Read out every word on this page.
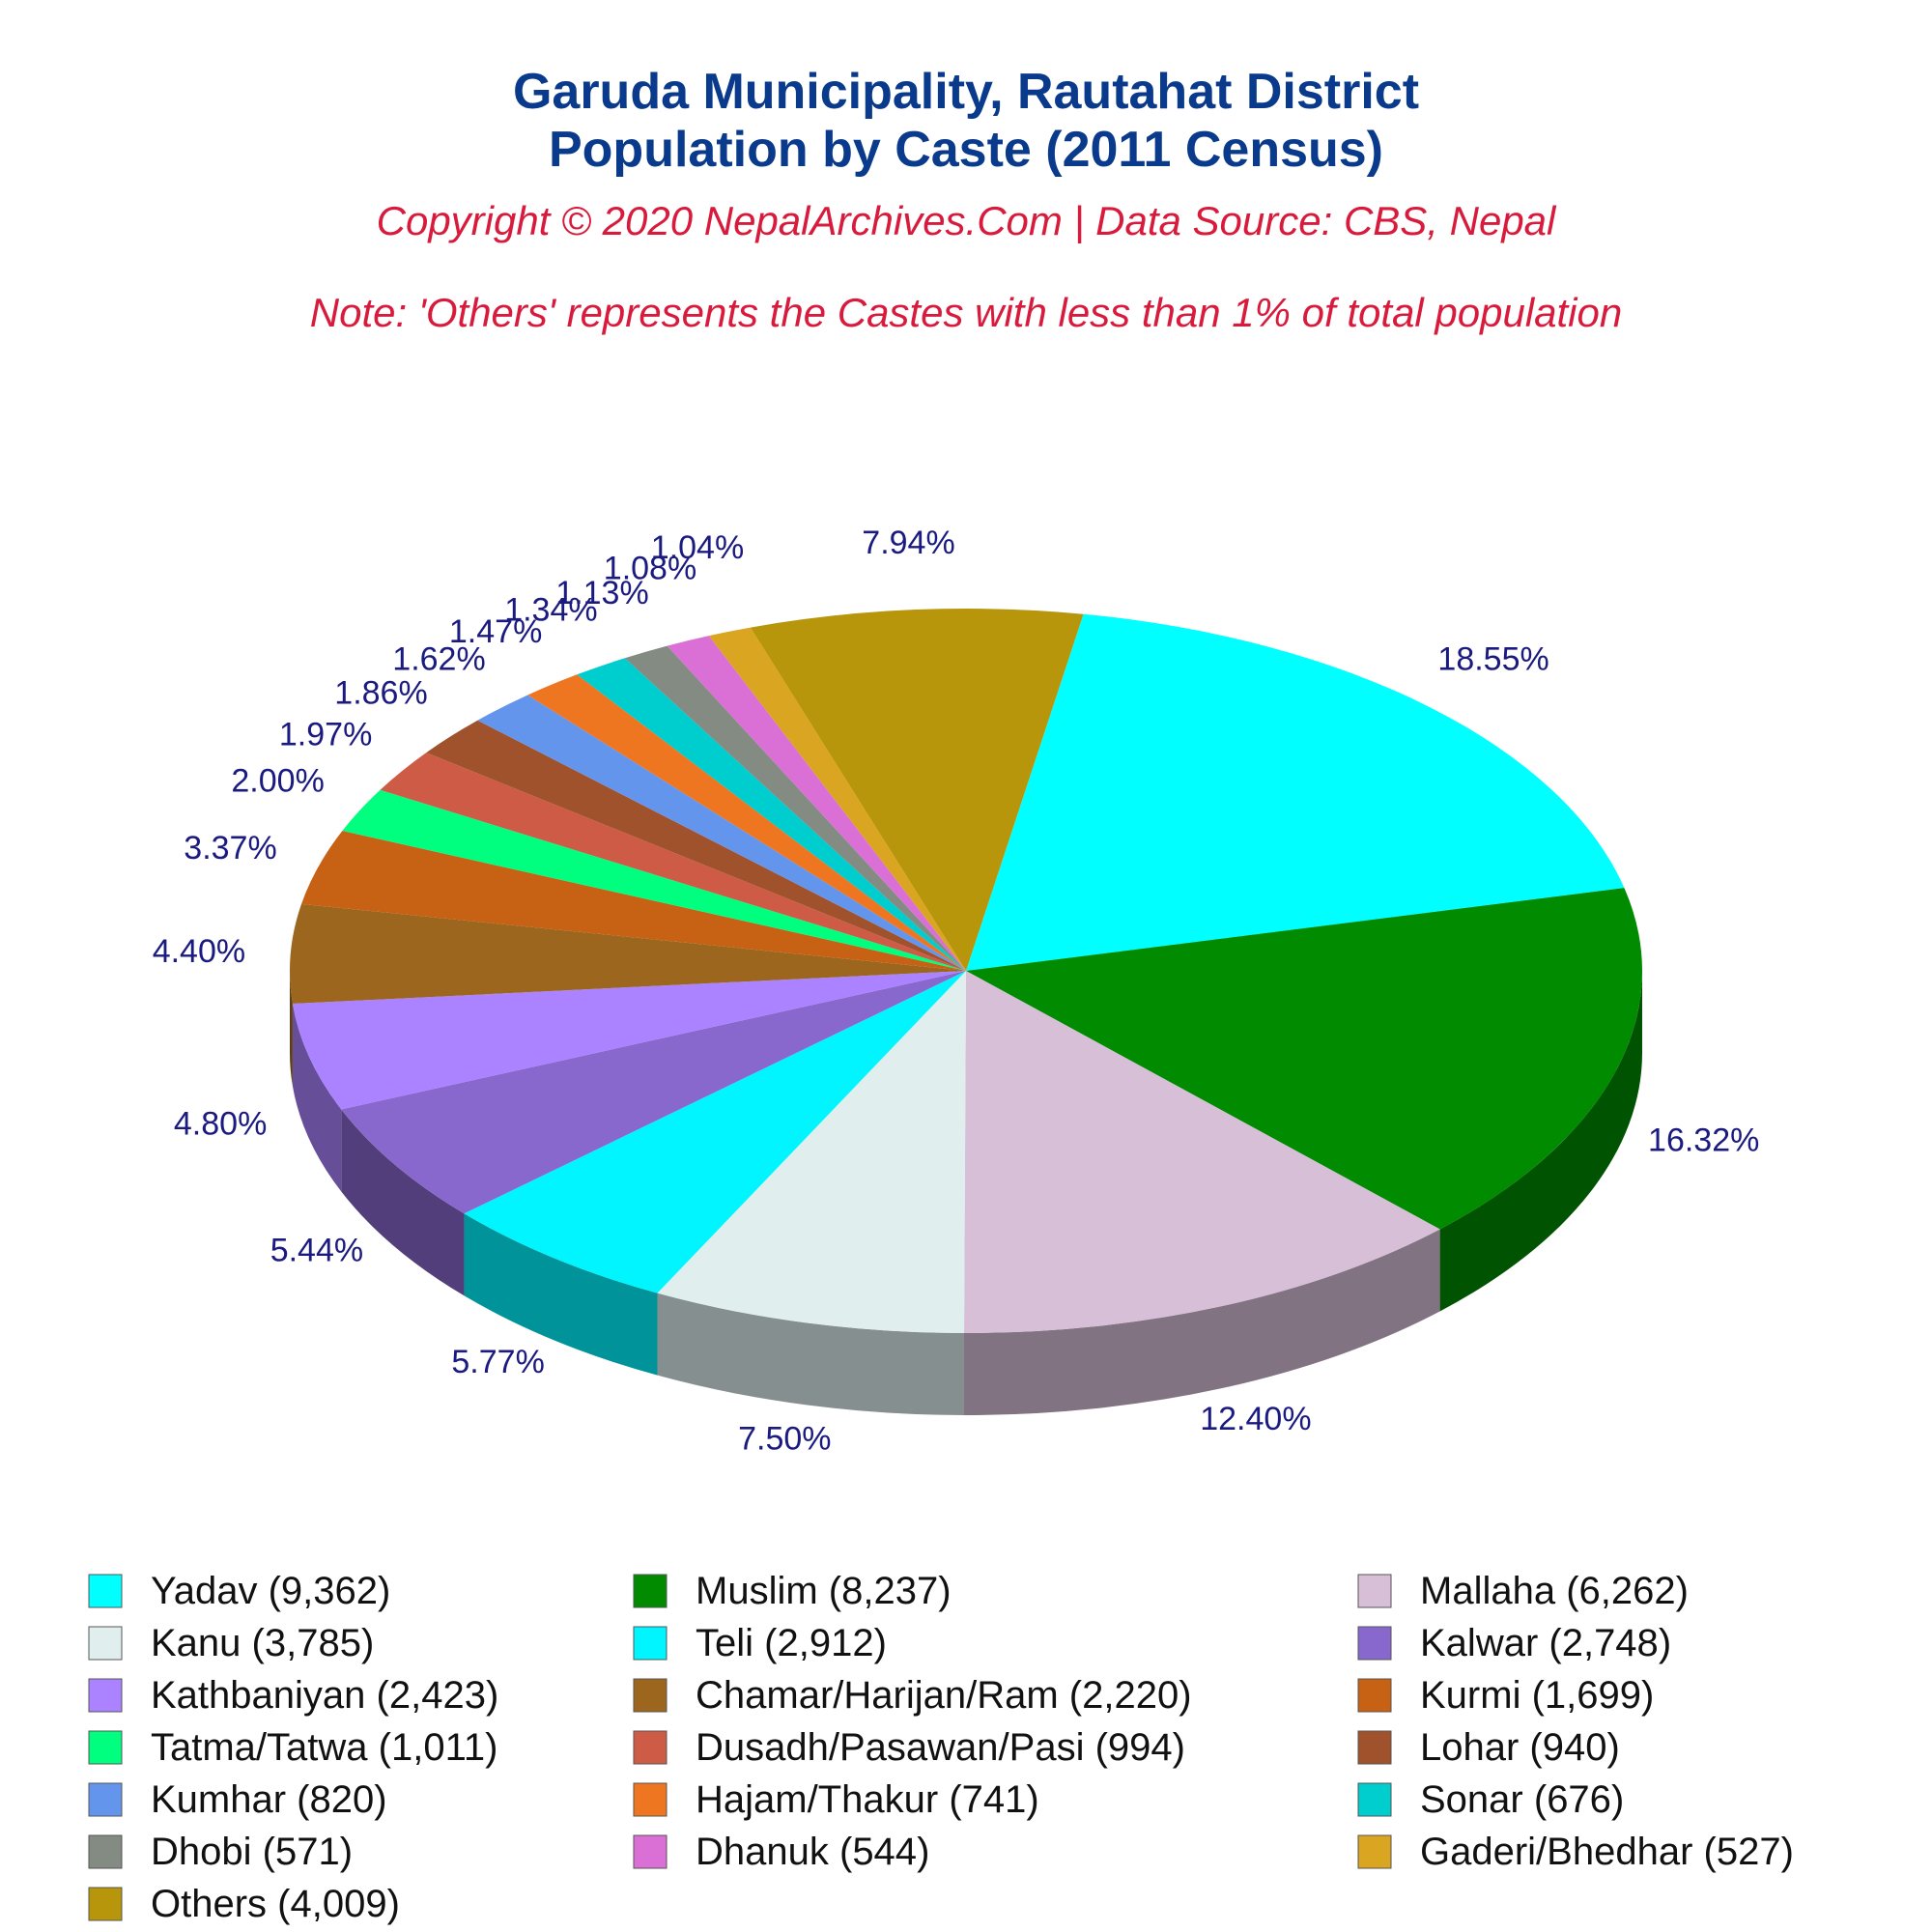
Garuda Municipality, Rautahat District
Population by Caste (2011 Census)
Copyright © 2020 NepalArchives.Com | Data Source: CBS, Nepal
Note: 'Others' represents the Castes with less than 1% of total population
18.55%
16.32%
12.40%
7.50%
5.77%
5.44%
4.80%
4.40%
3.37%
2.00%
1.97%
1.86%
1.62%
1.47%
1.34%
1.13%
1.08%
1.04%	7.94%
Yadav (9,362)	Muslim (8,237)	Mallaha (6,262)
Kanu (3,785)	Teli (2,912)	Kalwar (2,748)
Kathbaniyan (2,423)	Chamar/Harijan/Ram (2,220)	Kurmi (1,699)
Tatma/Tatwa (1,011)	Dusadh/Pasawan/Pasi (994)	Lohar (940)
Kumhar (820)	Hajam/Thakur (741)	Sonar (676)
Dhobi (571)	Dhanuk (544)	Gaderi/Bhedhar (527)
Others (4,009)
